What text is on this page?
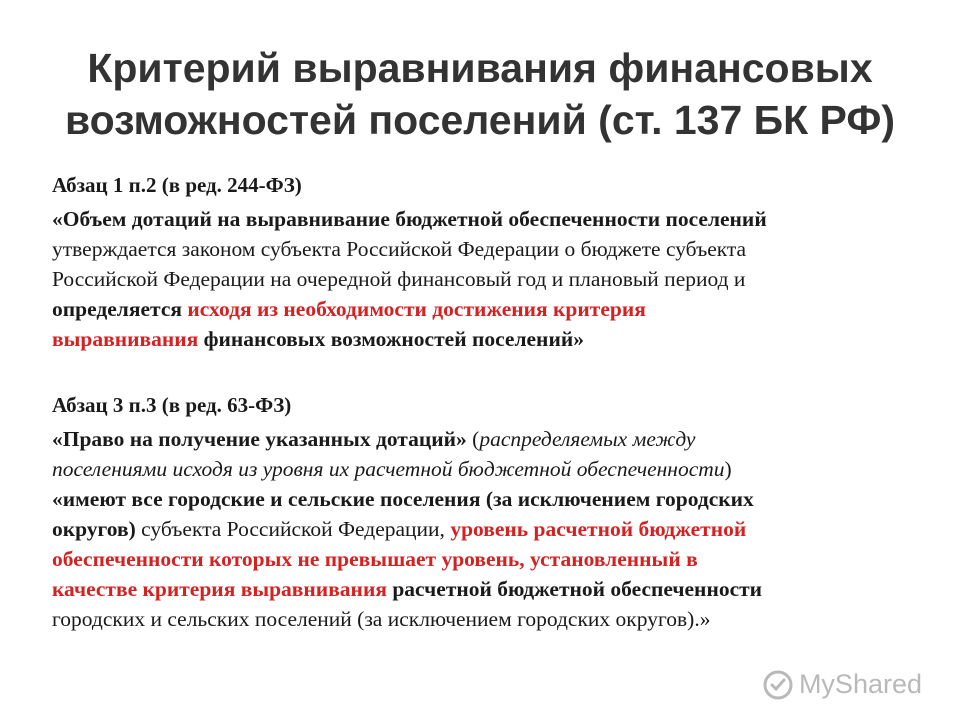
Критерий выравнивания финансовых
возможностей поселений (ст. 137 БК РФ)
Абзац 1 п.2 (в ред. 244-ФЗ)

«Объем дотаций на выравнивание бюджетной обеспеченности поселений
утверждается законом субъекта Российской Федерации о бюджете субъекта
Российской Федерации на очередной финансовый год и плановый период и
определяется исходя из необходимости достижения критерия
выравнивания финансовых возможностей поселений»

Абзац 3 п.3 (в ред. 63-ФЗ)

«Право на получение указанных дотаций» (распределяемых между
поселениями исходя из уровня их расчетной бюджетной обеспеченности)
«имеют все городские и сельские поселения (за исключением городских
округов) субъекта Российской Федерации, уровень расчетной бюджетной
обеспеченности которых не превышает уровень, установленный в
качестве критерия выравнивания расчетной бюджетной обеспеченности
городских и сельских поселений (за исключением городских округов).»

MyShared
